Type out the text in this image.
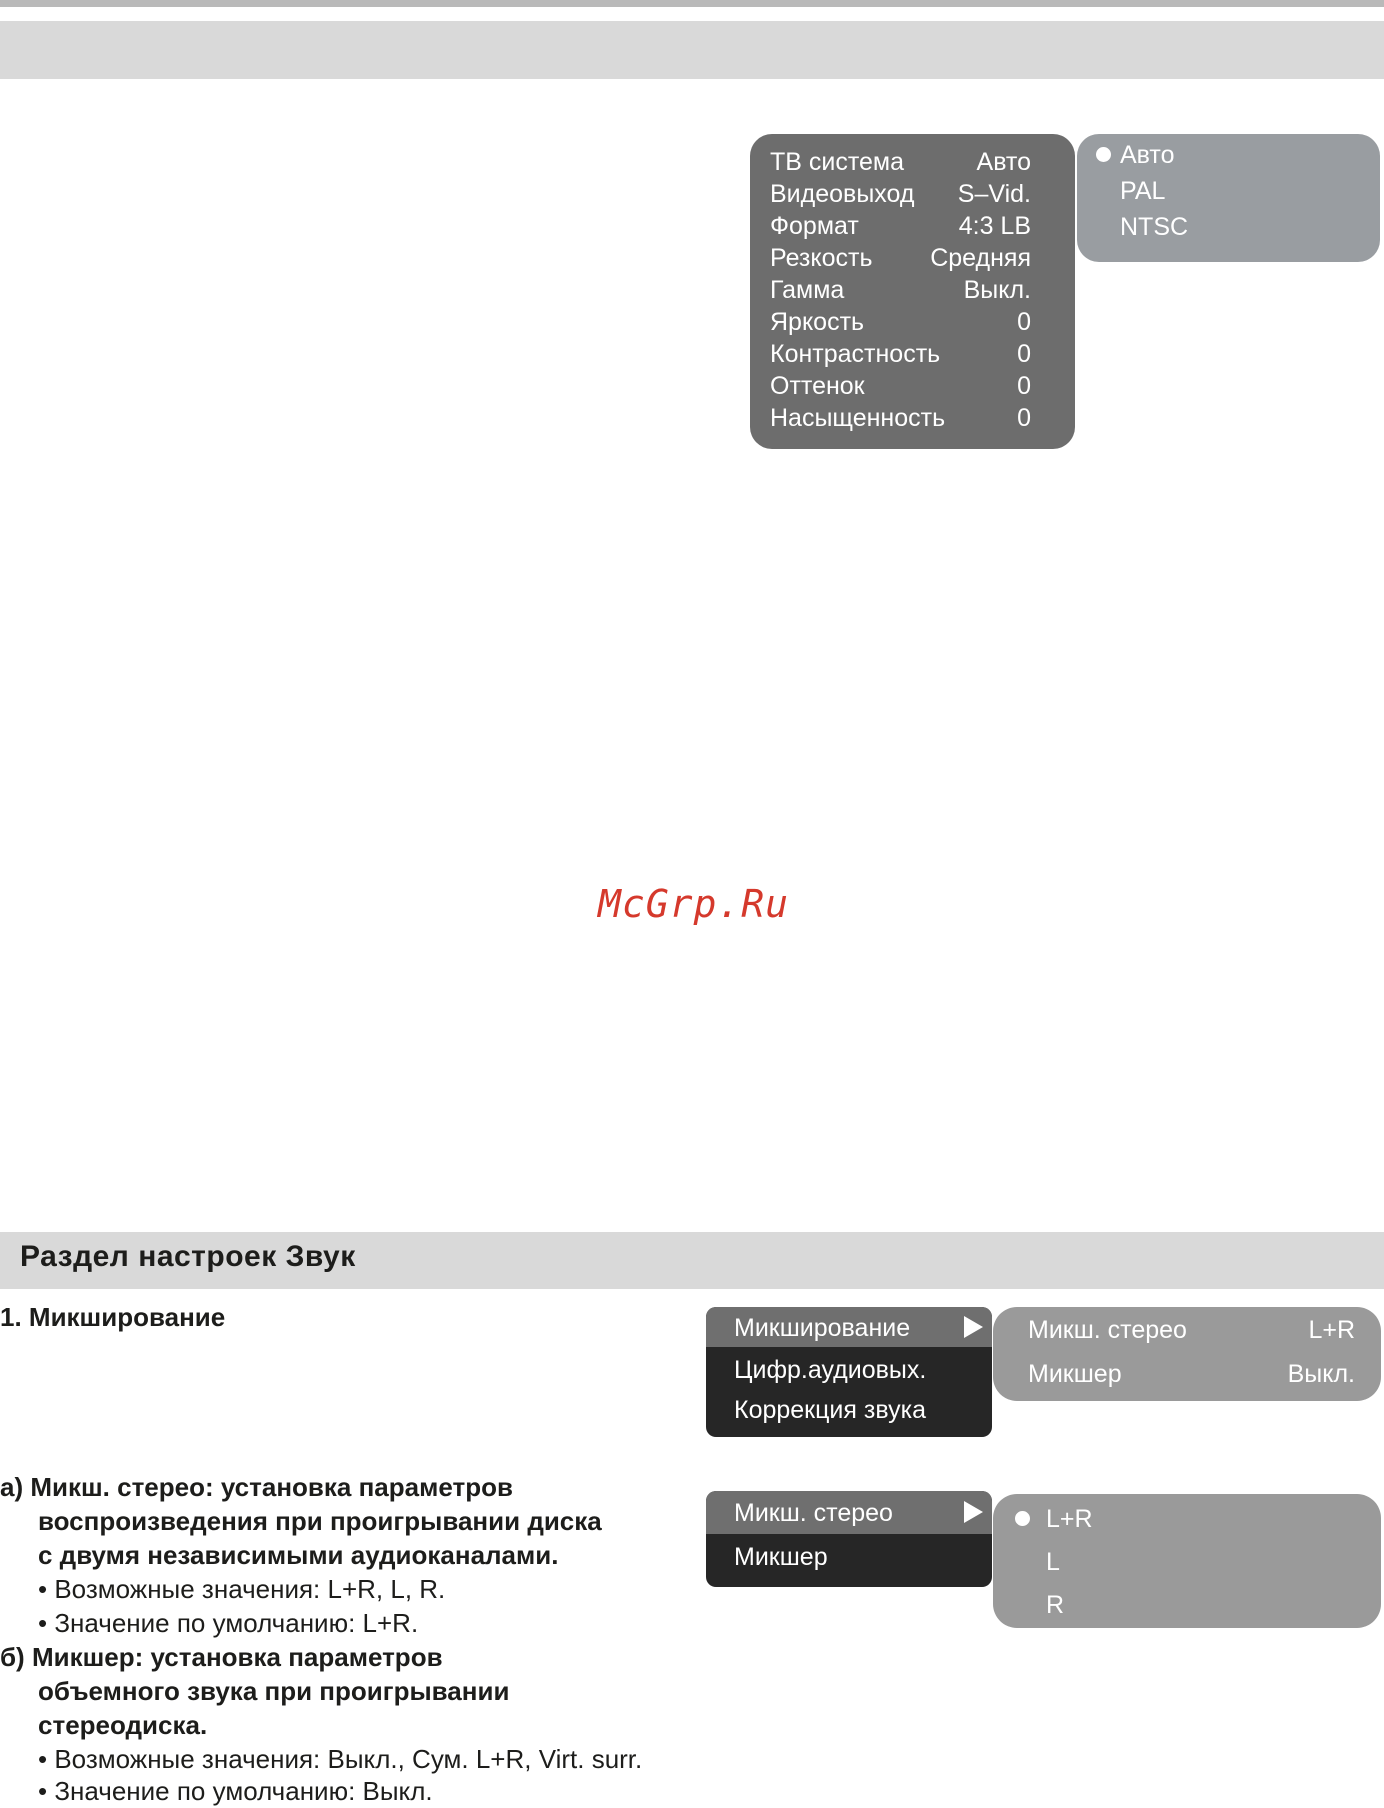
ТВ система	Авто
Видеовыход S–Vid.
Формат	4:3 LB
Резкость Средняя
Гамма	Выкл.
Яркость	0
Контрастность	0
Оттенок	0
Насыщенность	0
Авто
PAL
NTSC
McGrp.Ru
Раздел настроек Звук
1. Микширование	Микширование
Цифр.аудиовых.
Коррекция звука
Микш. стерео	L+R
Микшер	Выкл.
Микш. стерео
Микшер
L+R
L
R
а) Микш. стерео: установка параметров
воспроизведения при проигрывании диска
с двумя независимыми аудиоканалами.
• Возможные значения: L+R, L, R.
• Значение по умолчанию: L+R.
б) Микшер: установка параметров
объемного звука при проигрывании
стереодиска.
• Возможные значения: Выкл., Сум. L+R, Virt. surr.
• Значение по умолчанию: Выкл.
